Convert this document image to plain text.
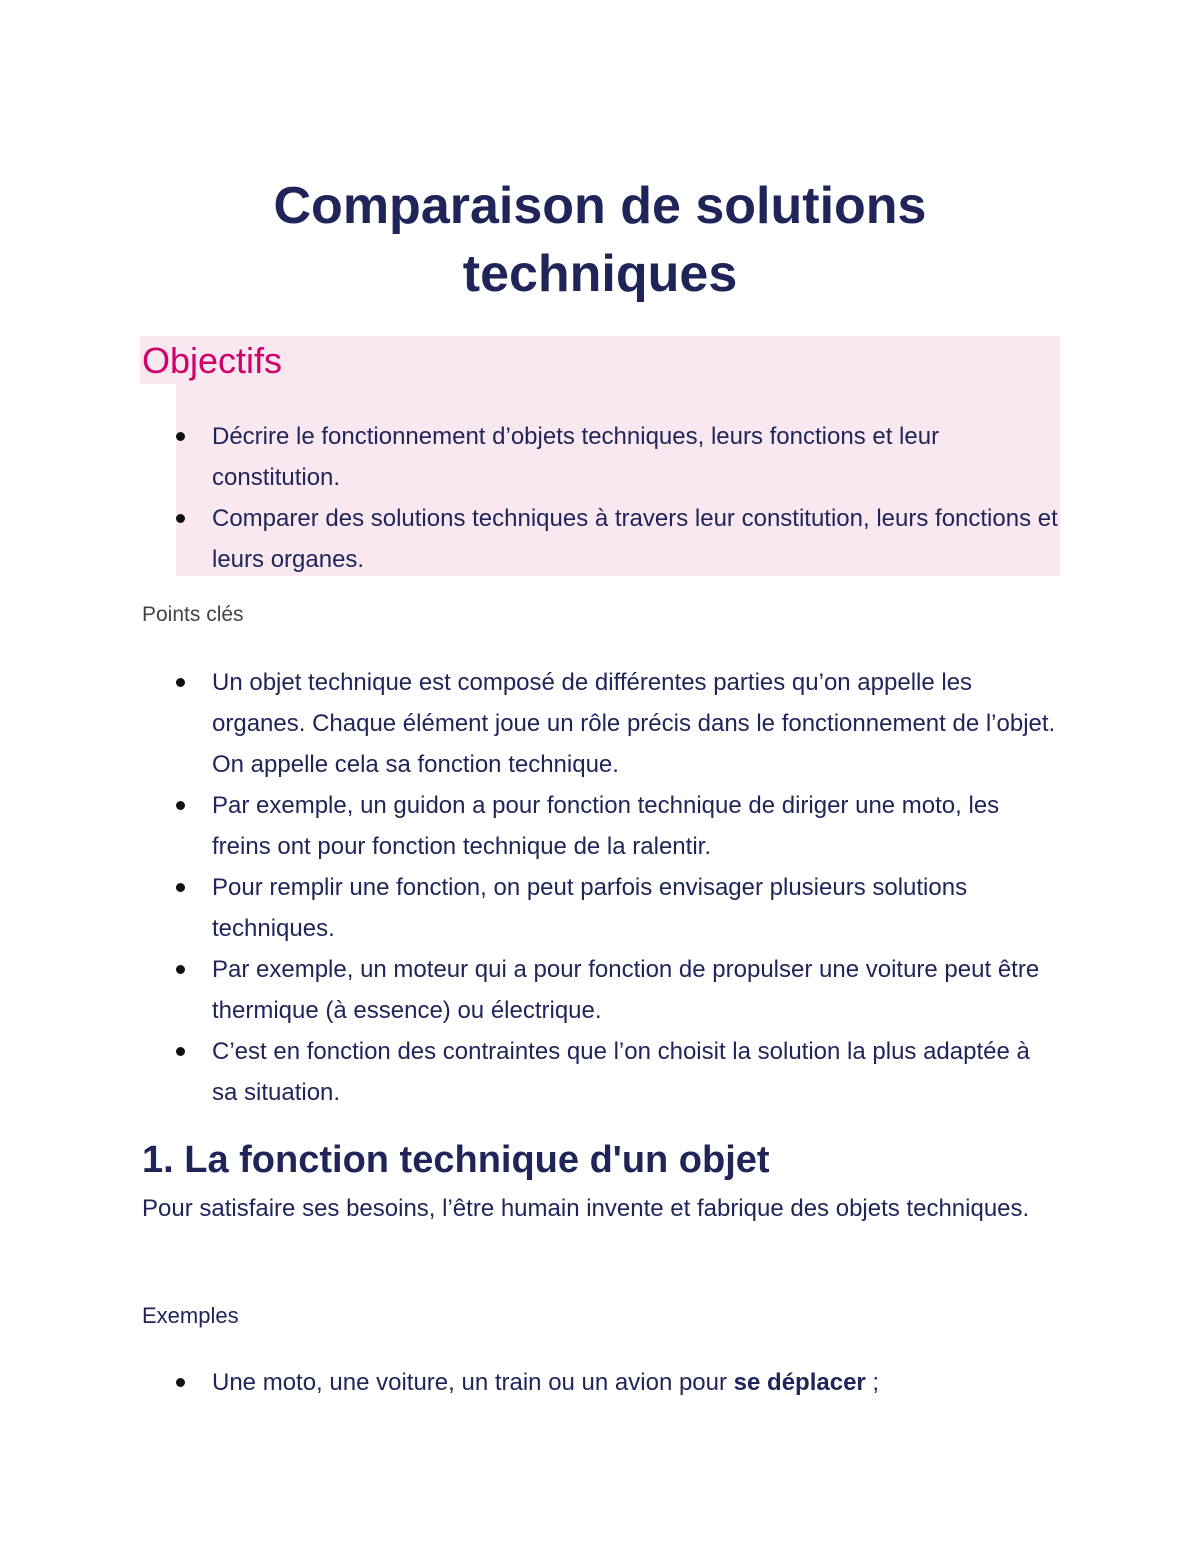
Comparaison de solutions techniques
Objectifs
Décrire le fonctionnement d’objets techniques, leurs fonctions et leur constitution.
Comparer des solutions techniques à travers leur constitution, leurs fonctions et leurs organes.
Points clés
Un objet technique est composé de différentes parties qu’on appelle les organes. Chaque élément joue un rôle précis dans le fonctionnement de l’objet. On appelle cela sa fonction technique.
Par exemple, un guidon a pour fonction technique de diriger une moto, les freins ont pour fonction technique de la ralentir.
Pour remplir une fonction, on peut parfois envisager plusieurs solutions techniques.
Par exemple, un moteur qui a pour fonction de propulser une voiture peut être thermique (à essence) ou électrique.
C’est en fonction des contraintes que l’on choisit la solution la plus adaptée à sa situation.
1. La fonction technique d'un objet

Pour satisfaire ses besoins, l’être humain invente et fabrique des objets techniques.

Exemples
Une moto, une voiture, un train ou un avion pour se déplacer ;
